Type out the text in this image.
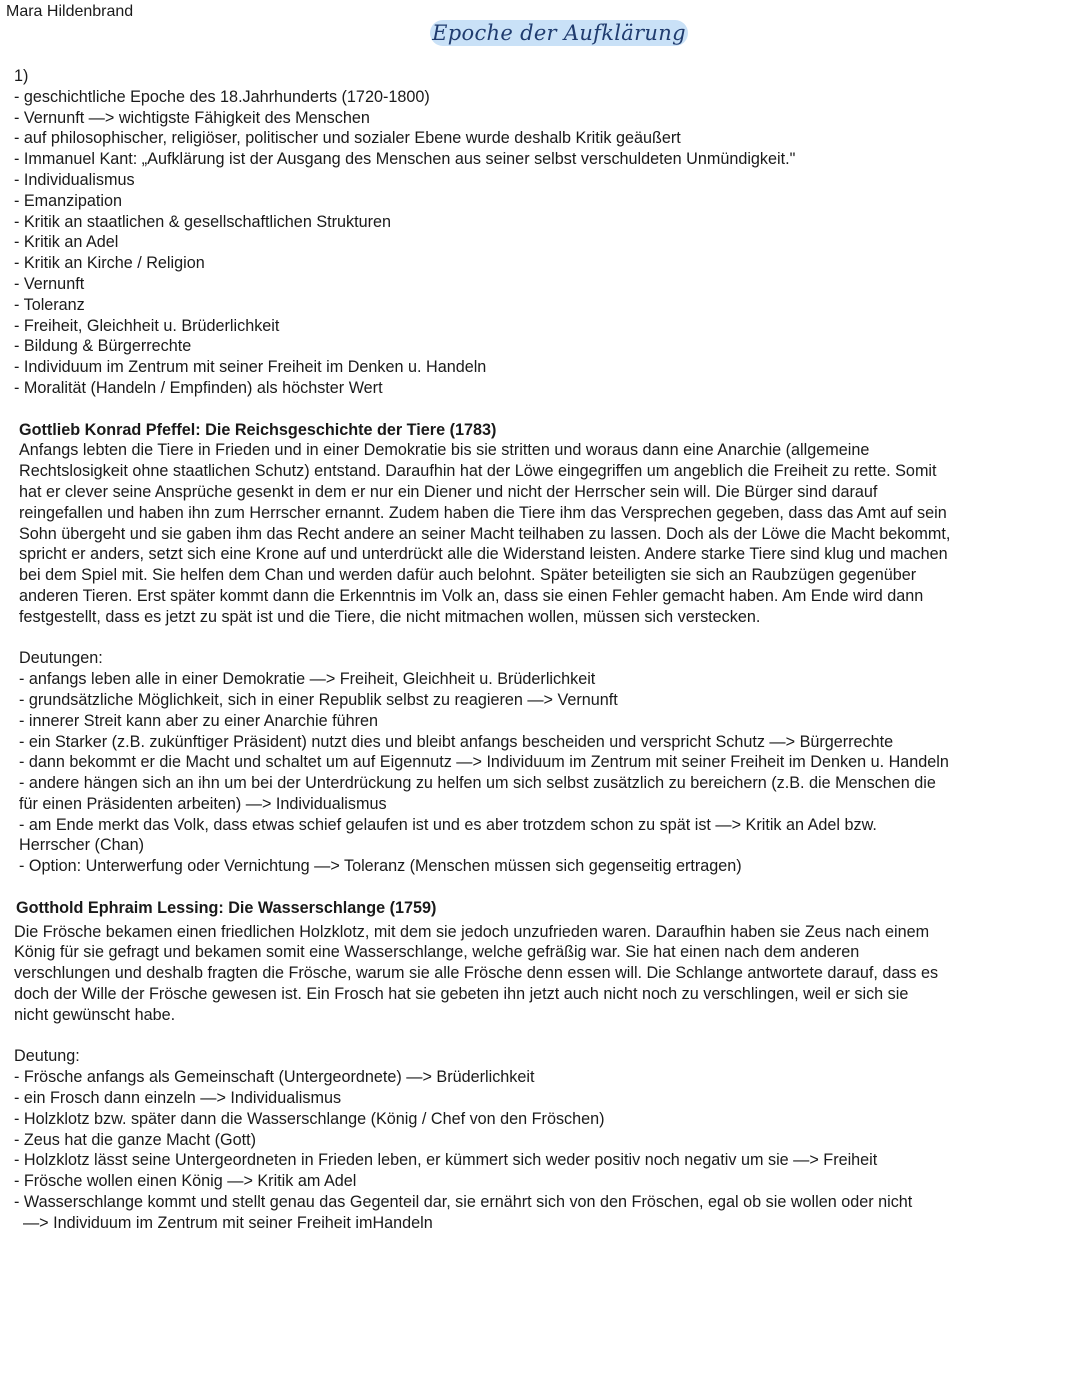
Mara Hildenbrand
Epoche der Aufklärung
1)
- geschichtliche Epoche des 18.Jahrhunderts (1720-1800)
- Vernunft —> wichtigste Fähigkeit des Menschen
- auf philosophischer, religiöser, politischer und sozialer Ebene wurde deshalb Kritik geäußert
- Immanuel Kant: „Aufklärung ist der Ausgang des Menschen aus seiner selbst verschuldeten Unmündigkeit."
- Individualismus
- Emanzipation
- Kritik an staatlichen & gesellschaftlichen Strukturen
- Kritik an Adel
- Kritik an Kirche / Religion
- Vernunft
- Toleranz
- Freiheit, Gleichheit u. Brüderlichkeit
- Bildung & Bürgerrechte
- Individuum im Zentrum mit seiner Freiheit im Denken u. Handeln
- Moralität (Handeln / Empfinden) als höchster Wert
Gottlieb Konrad Pfeffel: Die Reichsgeschichte der Tiere (1783)
Anfangs lebten die Tiere in Frieden und in einer Demokratie bis sie stritten und woraus dann eine Anarchie (allgemeine
Rechtslosigkeit ohne staatlichen Schutz) entstand. Daraufhin hat der Löwe eingegriffen um angeblich die Freiheit zu rette. Somit
hat er clever seine Ansprüche gesenkt in dem er nur ein Diener und nicht der Herrscher sein will. Die Bürger sind darauf
reingefallen und haben ihn zum Herrscher ernannt. Zudem haben die Tiere ihm das Versprechen gegeben, dass das Amt auf sein
Sohn übergeht und sie gaben ihm das Recht andere an seiner Macht teilhaben zu lassen. Doch als der Löwe die Macht bekommt,
spricht er anders, setzt sich eine Krone auf und unterdrückt alle die Widerstand leisten. Andere starke Tiere sind klug und machen
bei dem Spiel mit. Sie helfen dem Chan und werden dafür auch belohnt. Später beteiligten sie sich an Raubzügen gegenüber
anderen Tieren. Erst später kommt dann die Erkenntnis im Volk an, dass sie einen Fehler gemacht haben. Am Ende wird dann
festgestellt, dass es jetzt zu spät ist und die Tiere, die nicht mitmachen wollen, müssen sich verstecken.
Deutungen:
- anfangs leben alle in einer Demokratie —> Freiheit, Gleichheit u. Brüderlichkeit
- grundsätzliche Möglichkeit, sich in einer Republik selbst zu reagieren —> Vernunft
- innerer Streit kann aber zu einer Anarchie führen
- ein Starker (z.B. zukünftiger Präsident) nutzt dies und bleibt anfangs bescheiden und verspricht Schutz —> Bürgerrechte
- dann bekommt er die Macht und schaltet um auf Eigennutz —> Individuum im Zentrum mit seiner Freiheit im Denken u. Handeln
- andere hängen sich an ihn um bei der Unterdrückung zu helfen um sich selbst zusätzlich zu bereichern (z.B. die Menschen die
für einen Präsidenten arbeiten) —> Individualismus
- am Ende merkt das Volk, dass etwas schief gelaufen ist und es aber trotzdem schon zu spät ist —> Kritik an Adel bzw.
Herrscher (Chan)
- Option: Unterwerfung oder Vernichtung —> Toleranz (Menschen müssen sich gegenseitig ertragen)
Gotthold Ephraim Lessing: Die Wasserschlange (1759)
Die Frösche bekamen einen friedlichen Holzklotz, mit dem sie jedoch unzufrieden waren. Daraufhin haben sie Zeus nach einem
König für sie gefragt und bekamen somit eine Wasserschlange, welche gefräßig war. Sie hat einen nach dem anderen
verschlungen und deshalb fragten die Frösche, warum sie alle Frösche denn essen will. Die Schlange antwortete darauf, dass es
doch der Wille der Frösche gewesen ist. Ein Frosch hat sie gebeten ihn jetzt auch nicht noch zu verschlingen, weil er sich sie
nicht gewünscht habe.
Deutung:
- Frösche anfangs als Gemeinschaft (Untergeordnete) —> Brüderlichkeit
- ein Frosch dann einzeln —> Individualismus
- Holzklotz bzw. später dann die Wasserschlange (König / Chef von den Fröschen)
- Zeus hat die ganze Macht (Gott)
- Holzklotz lässt seine Untergeordneten in Frieden leben, er kümmert sich weder positiv noch negativ um sie —> Freiheit
- Frösche wollen einen König —> Kritik am Adel
- Wasserschlange kommt und stellt genau das Gegenteil dar, sie ernährt sich von den Fröschen, egal ob sie wollen oder nicht
—> Individuum im Zentrum mit seiner Freiheit imHandeln
